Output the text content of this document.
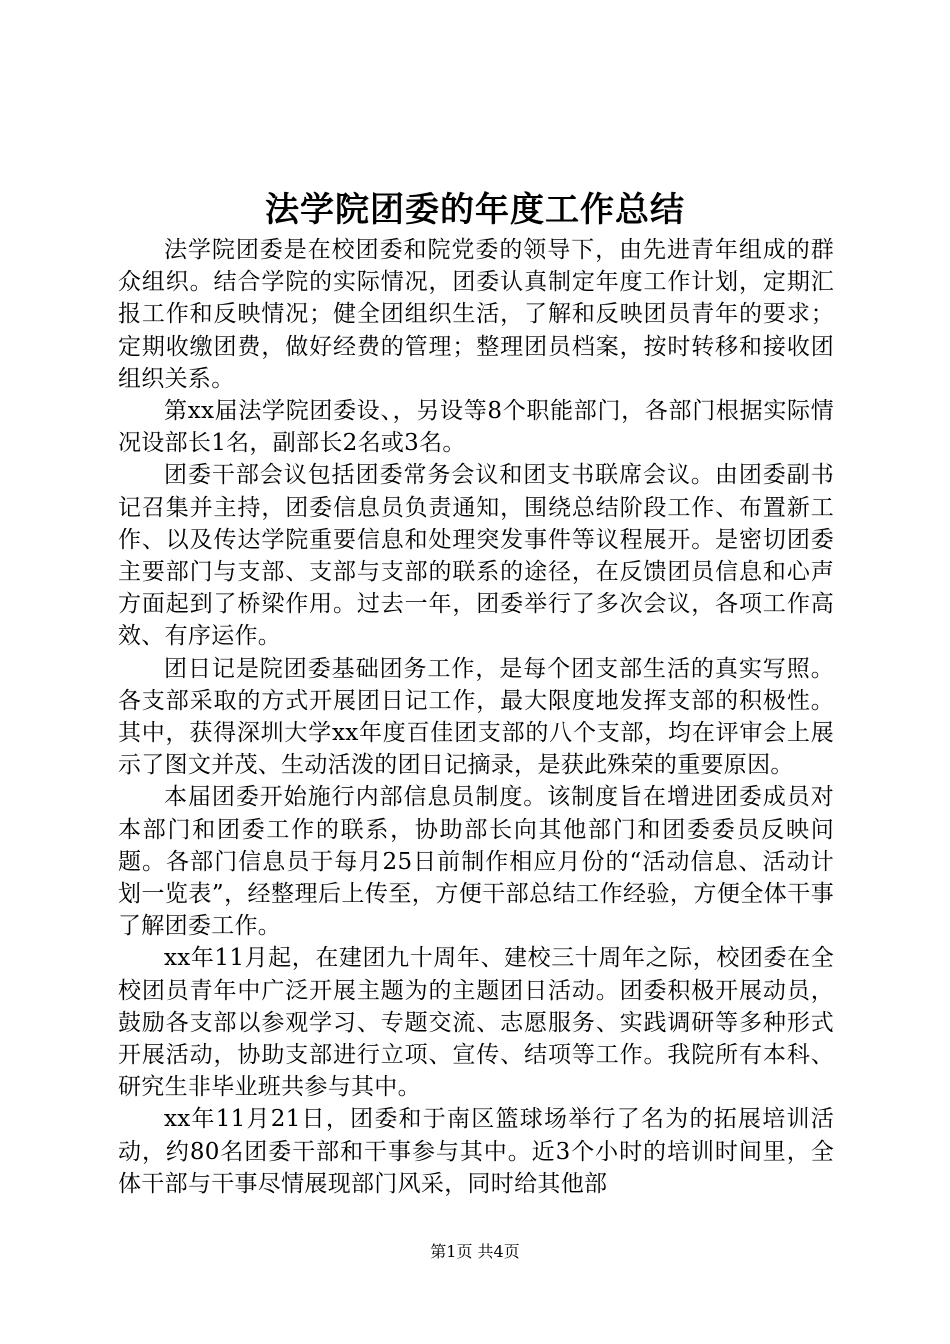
法学院团委的年度工作总结

法学院团委是在校团委和院党委的领导下，由先进青年组成的群众组织。结合学院的实际情况，团委认真制定年度工作计划，定期汇报工作和反映情况；健全团组织生活，了解和反映团员青年的要求；定期收缴团费，做好经费的管理；整理团员档案，按时转移和接收团组织关系。

第xx届法学院团委设、，另设等8个职能部门，各部门根据实际情况设部长1名，副部长2名或3名。

团委干部会议包括团委常务会议和团支书联席会议。由团委副书记召集并主持，团委信息员负责通知，围绕总结阶段工作、布置新工作、以及传达学院重要信息和处理突发事件等议程展开。是密切团委主要部门与支部、支部与支部的联系的途径，在反馈团员信息和心声方面起到了桥梁作用。过去一年，团委举行了多次会议，各项工作高效、有序运作。

团日记是院团委基础团务工作，是每个团支部生活的真实写照。各支部采取的方式开展团日记工作，最大限度地发挥支部的积极性。其中，获得深圳大学xx年度百佳团支部的八个支部，均在评审会上展示了图文并茂、生动活泼的团日记摘录，是获此殊荣的重要原因。

本届团委开始施行内部信息员制度。该制度旨在增进团委成员对本部门和团委工作的联系，协助部长向其他部门和团委委员反映问题。各部门信息员于每月25日前制作相应月份的“活动信息、活动计划一览表”，经整理后上传至，方便干部总结工作经验，方便全体干事了解团委工作。

xx年11月起，在建团九十周年、建校三十周年之际，校团委在全校团员青年中广泛开展主题为的主题团日活动。团委积极开展动员，鼓励各支部以参观学习、专题交流、志愿服务、实践调研等多种形式开展活动，协助支部进行立项、宣传、结项等工作。我院所有本科、研究生非毕业班共参与其中。

xx年11月21日，团委和于南区篮球场举行了名为的拓展培训活动，约80名团委干部和干事参与其中。近3个小时的培训时间里，全体干部与干事尽情展现部门风采，同时给其他部

第1页 共4页
